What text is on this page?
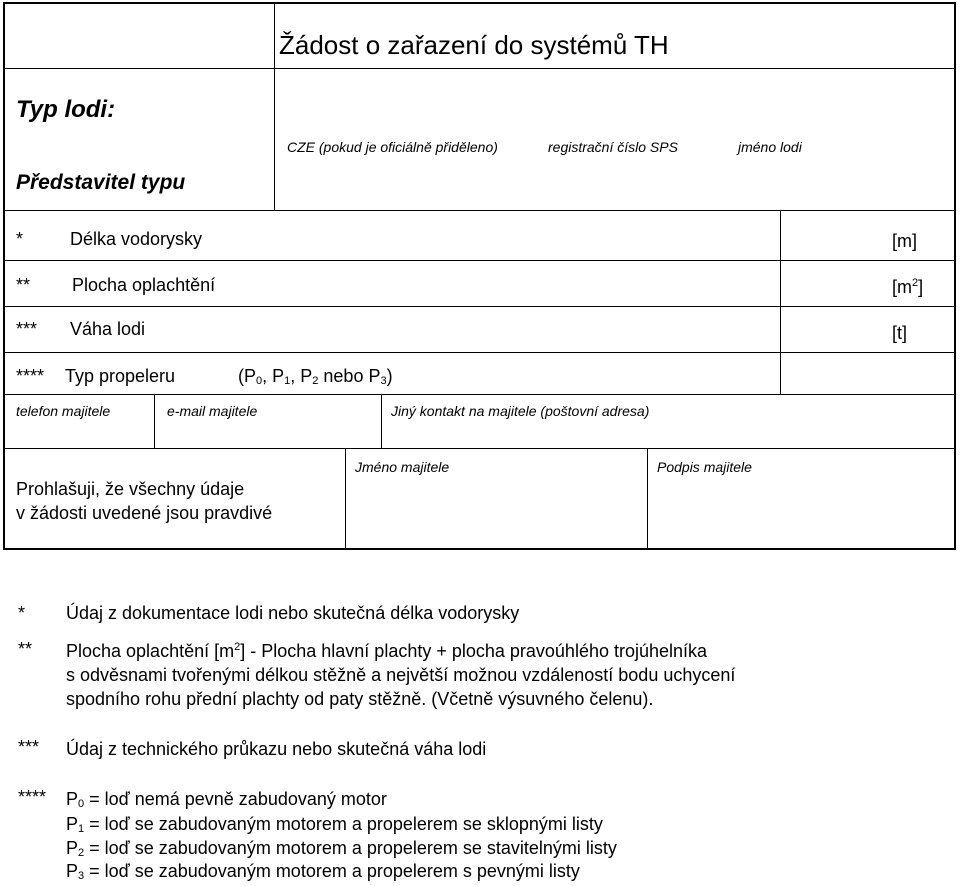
Žádost o zařazení do systémů TH
Typ lodi:
Představitel typu
CZE (pokud je oficiálně přiděleno)	registrační číslo SPS	jméno lodi
*	Délka vodorysky	[m]
** Plocha oplachtění	$[m^2]$
*** Váha lodi	[t]
**** Typ propeleru	($P_0$, $P_1$, $P_2$ nebo $P_3$)
telefon majitele	e-mail majitele	Jiný kontakt na majitele (poštovní adresa)
Prohlašuji, že všechny údaje
v žádosti uvedené jsou pravdivé
Jméno majitele	Podpis majitele
* Údaj z dokumentace lodi nebo skutečná délka vodorysky
** Plocha oplachtění $[m^2]$ - Plocha hlavní plachty + plocha pravoúhlého trojúhelníka
s odvěsnami tvořenými délkou stěžně a největší možnou vzdáleností bodu uchycení
spodního rohu přední plachty od paty stěžně. (Včetně výsuvného čelenu).
*** Údaj z technického průkazu nebo skutečná váha lodi
**** $P_0$ = loď nemá pevně zabudovaný motor
$P_1$ = loď se zabudovaným motorem a propelerem se sklopnými listy
$P_2$ = loď se zabudovaným motorem a propelerem se stavitelnými listy
$P_3$ = loď se zabudovaným motorem a propelerem s pevnými listy
